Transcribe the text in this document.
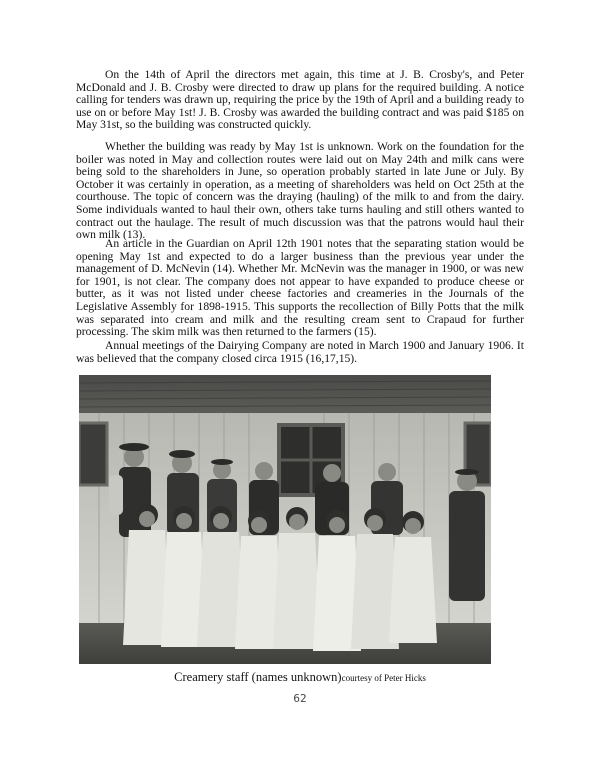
On the 14th of April the directors met again, this time at J. B. Crosby's, and Peter McDonald and J. B. Crosby were directed to draw up plans for the required building. A notice calling for tenders was drawn up, requiring the price by the 19th of April and a building ready to use on or before May 1st! J. B. Crosby was awarded the building contract and was paid $185 on May 31st, so the building was constructed quickly.

Whether the building was ready by May 1st is unknown. Work on the foundation for the boiler was noted in May and collection routes were laid out on May 24th and milk cans were being sold to the shareholders in June, so operation probably started in late June or July. By October it was certainly in operation, as a meeting of shareholders was held on Oct 25th at the courthouse. The topic of concern was the draying (hauling) of the milk to and from the dairy. Some individuals wanted to haul their own, others take turns hauling and still others wanted to contract out the haulage. The result of much discussion was that the patrons would haul their own milk (13).

An article in the Guardian on April 12th 1901 notes that the separating station would be opening May 1st and expected to do a larger business than the previous year under the management of D. McNevin (14). Whether Mr. McNevin was the manager in 1900, or was new for 1901, is not clear. The company does not appear to have expanded to produce cheese or butter, as it was not listed under cheese factories and creameries in the Journals of the Legislative Assembly for 1898-1915. This supports the recollection of Billy Potts that the milk was separated into cream and milk and the resulting cream sent to Crapaud for further processing. The skim milk was then returned to the farmers (15).

Annual meetings of the Dairying Company are noted in March 1900 and January 1906. It was believed that the company closed circa 1915 (16,17,15).

Creamery staff (names unknown)courtesy of Peter Hicks
62
